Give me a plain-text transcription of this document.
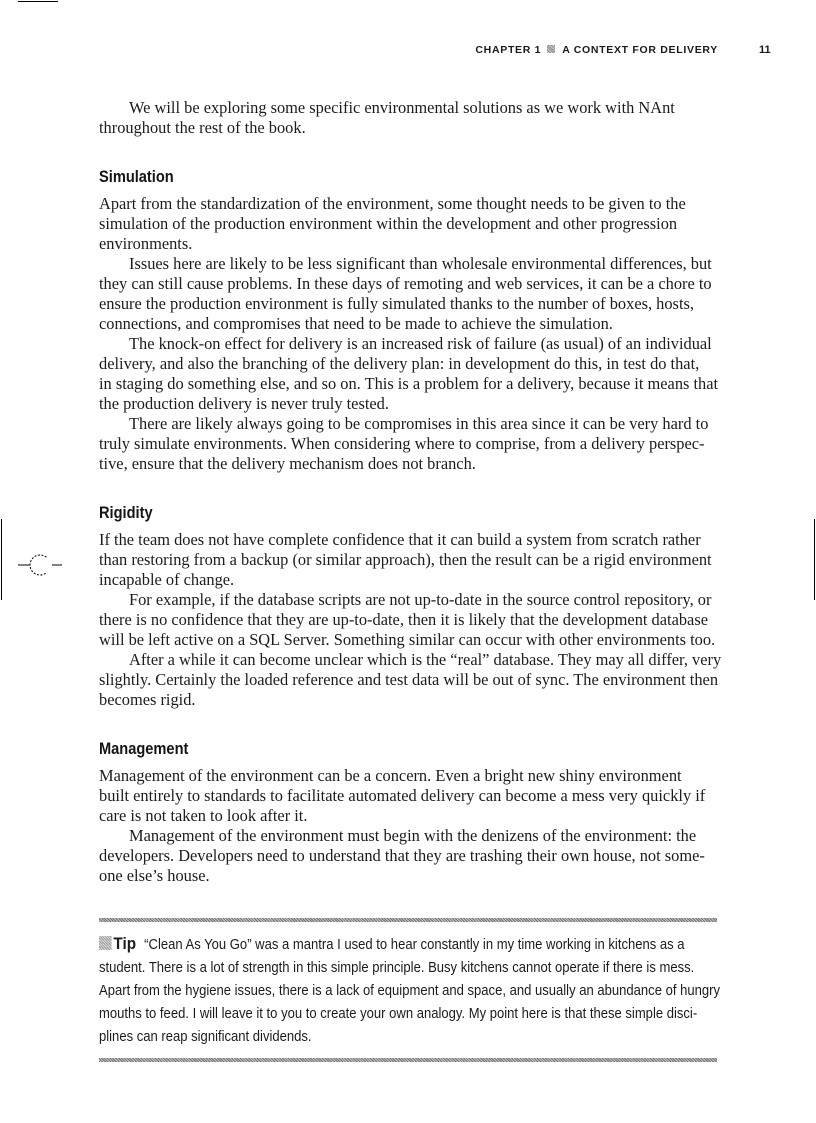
CHAPTER 1 A CONTEXT FOR DELIVERY	11
We will be exploring some specific environmental solutions as we work with NAnt
throughout the rest of the book.
Simulation
Apart from the standardization of the environment, some thought needs to be given to the
simulation of the production environment within the development and other progression
environments.
Issues here are likely to be less significant than wholesale environmental differences, but
they can still cause problems. In these days of remoting and web services, it can be a chore to
ensure the production environment is fully simulated thanks to the number of boxes, hosts,
connections, and compromises that need to be made to achieve the simulation.
The knock-on effect for delivery is an increased risk of failure (as usual) of an individual
delivery, and also the branching of the delivery plan: in development do this, in test do that,
in staging do something else, and so on. This is a problem for a delivery, because it means that
the production delivery is never truly tested.
There are likely always going to be compromises in this area since it can be very hard to
truly simulate environments. When considering where to comprise, from a delivery perspec-
tive, ensure that the delivery mechanism does not branch.
Rigidity
If the team does not have complete confidence that it can build a system from scratch rather
than restoring from a backup (or similar approach), then the result can be a rigid environment
incapable of change.
For example, if the database scripts are not up-to-date in the source control repository, or
there is no confidence that they are up-to-date, then it is likely that the development database
will be left active on a SQL Server. Something similar can occur with other environments too.
After a while it can become unclear which is the “real” database. They may all differ, very
slightly. Certainly the loaded reference and test data will be out of sync. The environment then
becomes rigid.
Management
Management of the environment can be a concern. Even a bright new shiny environment
built entirely to standards to facilitate automated delivery can become a mess very quickly if
care is not taken to look after it.
Management of the environment must begin with the denizens of the environment: the
developers. Developers need to understand that they are trashing their own house, not some-
one else’s house.
Tip “Clean As You Go” was a mantra I used to hear constantly in my time working in kitchens as a
student. There is a lot of strength in this simple principle. Busy kitchens cannot operate if there is mess.
Apart from the hygiene issues, there is a lack of equipment and space, and usually an abundance of hungry
mouths to feed. I will leave it to you to create your own analogy. My point here is that these simple disci-
plines can reap significant dividends.
